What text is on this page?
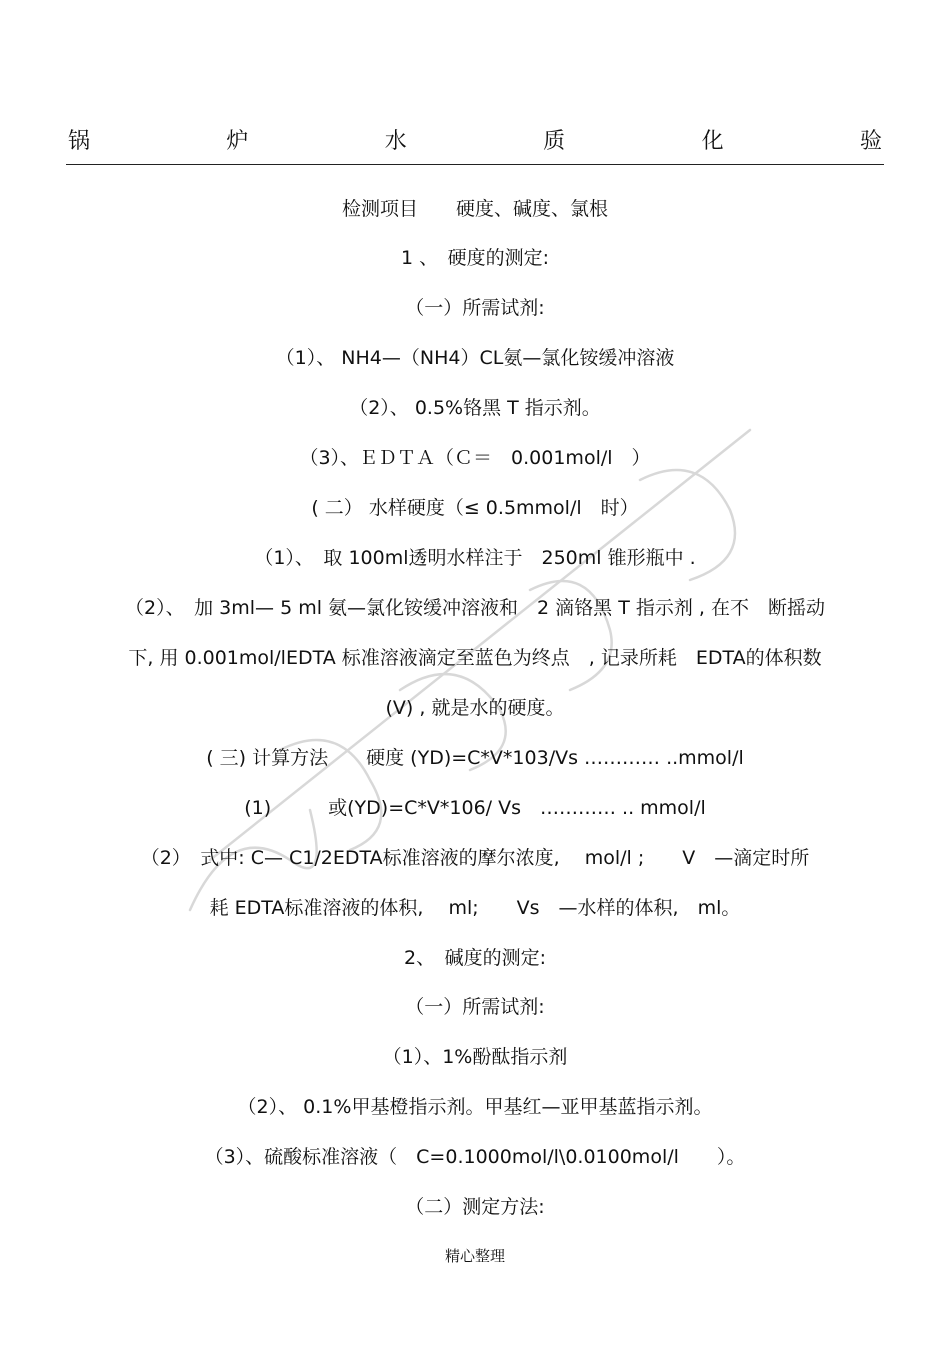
锅	炉	水	质	化	验
检测项目　　硬度、碱度、氯根
1 、　硬度的测定:
（一）所需试剂:
（1）、 NH4—（NH4）CL氨—氯化铵缓冲溶液
（2）、 0.5%铬黑 T 指示剂。
（3）、ＥＤＴＡ（Ｃ＝　0.001mol/l　）
( 二） 水样硬度（≤ 0.5mmol/l　时）
（1）、　取 100ml透明水样注于　250ml 锥形瓶中 .
（2）、　加 3ml— 5 ml 氨—氯化铵缓冲溶液和　2 滴铬黑 T 指示剂 , 在不　断摇动
下, 用 0.001mol/lEDTA 标准溶液滴定至蓝色为终点　, 记录所耗　EDTA的体积数
(V) , 就是水的硬度。
( 三) 计算方法　　硬度 (YD)=C*V*103/Vs ………… ..mmol/l
(1)　　　或(YD)=C*V*106/ Vs　………… .. mmol/l
（2）　式中: C— C1/2EDTA标准溶液的摩尔浓度,　 mol/l ;　　V　—滴定时所
耗 EDTA标准溶液的体积,　 ml;　　Vs　—水样的体积,　ml。
2、　碱度的测定:
（一）所需试剂:
（1）、1%酚酞指示剂
（2）、 0.1%甲基橙指示剂。甲基红—亚甲基蓝指示剂。
（3）、硫酸标准溶液（　C=0.1000mol/l\0.0100mol/l　　）。
（二）测定方法:
精心整理
